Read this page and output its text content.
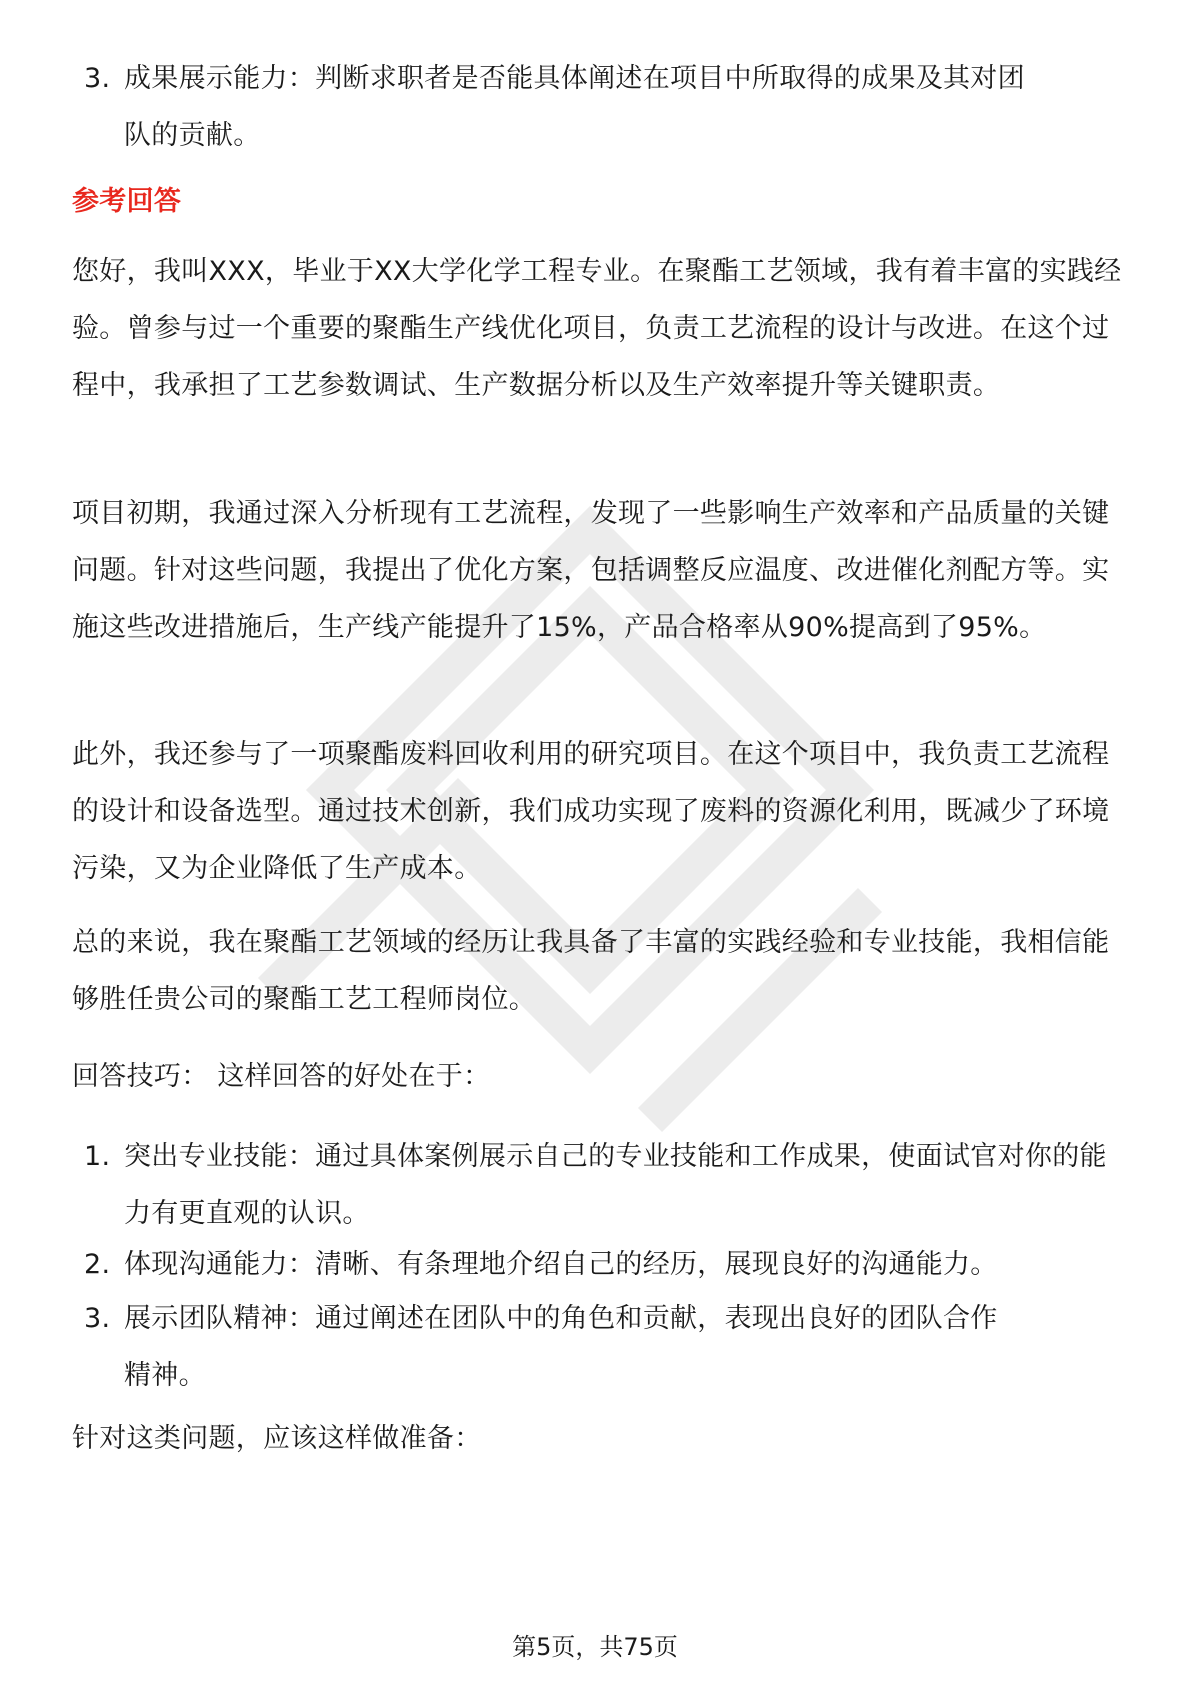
3. 成果展示能力：判断求职者是否能具体阐述在项目中所取得的成果及其对团队的贡献。
参考回答
您好，我叫XXX，毕业于XX大学化学工程专业。在聚酯工艺领域，我有着丰富的实践经验。曾参与过一个重要的聚酯生产线优化项目，负责工艺流程的设计与改进。在这个过程中，我承担了工艺参数调试、生产数据分析以及生产效率提升等关键职责。
项目初期，我通过深入分析现有工艺流程，发现了一些影响生产效率和产品质量的关键问题。针对这些问题，我提出了优化方案，包括调整反应温度、改进催化剂配方等。实施这些改进措施后，生产线产能提升了15%，产品合格率从90%提高到了95%。
此外，我还参与了一项聚酯废料回收利用的研究项目。在这个项目中，我负责工艺流程的设计和设备选型。通过技术创新，我们成功实现了废料的资源化利用，既减少了环境污染，又为企业降低了生产成本。
总的来说，我在聚酯工艺领域的经历让我具备了丰富的实践经验和专业技能，我相信能够胜任贵公司的聚酯工艺工程师岗位。
回答技巧： 这样回答的好处在于：
1. 突出专业技能：通过具体案例展示自己的专业技能和工作成果，使面试官对你的能力有更直观的认识。
2. 体现沟通能力：清晰、有条理地介绍自己的经历，展现良好的沟通能力。
3. 展示团队精神：通过阐述在团队中的角色和贡献，表现出良好的团队合作精神。
针对这类问题，应该这样做准备：
第5页，共75页
